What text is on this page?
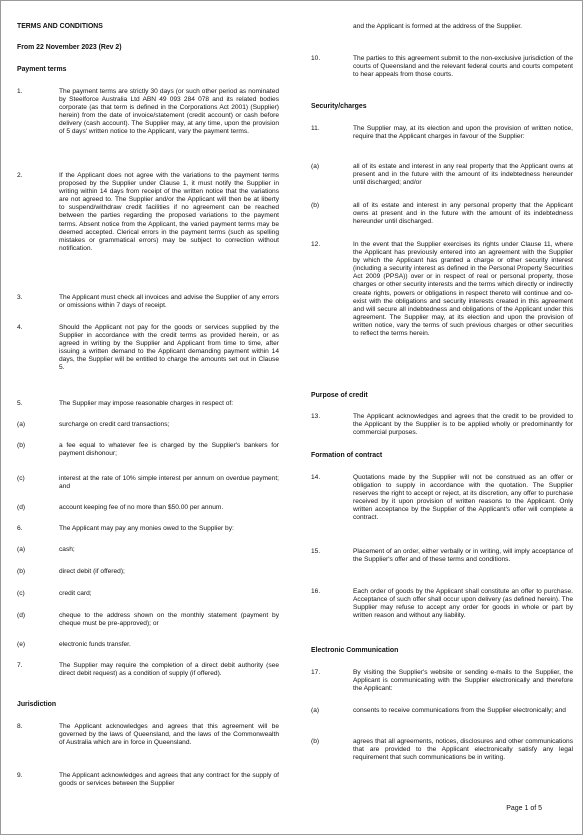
TERMS AND CONDITIONS
From 22 November 2023 (Rev 2)
Payment terms
1.	The payment terms are strictly 30 days (or such other period as nominated by Steelforce Australia Ltd ABN 49 093 284 078 and its related bodies corporate (as that term is defined in the Corporations Act 2001) (Supplier) herein) from the date of invoice/statement (credit account) or cash before delivery (cash account). The Supplier may, at any time, upon the provision of 5 days' written notice to the Applicant, vary the payment terms.
2.	If the Applicant does not agree with the variations to the payment terms proposed by the Supplier under Clause 1, it must notify the Supplier in writing within 14 days from receipt of the written notice that the variations are not agreed to. The Supplier and/or the Applicant will then be at liberty to suspend/withdraw credit facilities if no agreement can be reached between the parties regarding the proposed variations to the payment terms. Absent notice from the Applicant, the varied payment terms may be deemed accepted. Clerical errors in the payment terms (such as spelling mistakes or grammatical errors) may be subject to correction without notification.
3.	The Applicant must check all invoices and advise the Supplier of any errors or omissions within 7 days of receipt.
4.	Should the Applicant not pay for the goods or services supplied by the Supplier in accordance with the credit terms as provided herein, or as agreed in writing by the Supplier and Applicant from time to time, after issuing a written demand to the Applicant demanding payment within 14 days, the Supplier will be entitled to charge the amounts set out in Clause 5.
5.	The Supplier may impose reasonable charges in respect of:
(a)	surcharge on credit card transactions;
(b)	a fee equal to whatever fee is charged by the Supplier's bankers for payment dishonour;
(c)	interest at the rate of 10% simple interest per annum on overdue payment; and
(d)	account keeping fee of no more than $50.00 per annum.
6.	The Applicant may pay any monies owed to the Supplier by:
(a)	cash;
(b)	direct debit (if offered);
(c)	credit card;
(d)	cheque to the address shown on the monthly statement (payment by cheque must be pre-approved); or
(e)	electronic funds transfer.
7.	The Supplier may require the completion of a direct debit authority (see direct debit request) as a condition of supply (if offered).
Jurisdiction
8.	The Applicant acknowledges and agrees that this agreement will be governed by the laws of Queensland, and the laws of the Commonwealth of Australia which are in force in Queensland.
9.	The Applicant acknowledges and agrees that any contract for the supply of goods or services between the Supplier
and the Applicant is formed at the address of the Supplier.
10.	The parties to this agreement submit to the non-exclusive jurisdiction of the courts of Queensland and the relevant federal courts and courts competent to hear appeals from those courts.
Security/charges
11.	The Supplier may, at its election and upon the provision of written notice, require that the Applicant charges in favour of the Supplier:
(a)	all of its estate and interest in any real property that the Applicant owns at present and in the future with the amount of its indebtedness hereunder until discharged; and/or
(b)	all of its estate and interest in any personal property that the Applicant owns at present and in the future with the amount of its indebtedness hereunder until discharged.
12.	In the event that the Supplier exercises its rights under Clause 11, where the Applicant has previously entered into an agreement with the Supplier by which the Applicant has granted a charge or other security interest (including a security interest as defined in the Personal Property Securities Act 2009 (PPSA)) over or in respect of real or personal property, those charges or other security interests and the terms which directly or indirectly create rights, powers or obligations in respect thereto will continue and co-exist with the obligations and security interests created in this agreement and will secure all indebtedness and obligations of the Applicant under this agreement. The Supplier may, at its election and upon the provision of written notice, vary the terms of such previous charges or other securities to reflect the terms herein.
Purpose of credit
13.	The Applicant acknowledges and agrees that the credit to be provided to the Applicant by the Supplier is to be applied wholly or predominantly for commercial purposes.
Formation of contract
14.	Quotations made by the Supplier will not be construed as an offer or obligation to supply in accordance with the quotation. The Supplier reserves the right to accept or reject, at its discretion, any offer to purchase received by it upon provision of written reasons to the Applicant. Only written acceptance by the Supplier of the Applicant's offer will complete a contract.
15.	Placement of an order, either verbally or in writing, will imply acceptance of the Supplier's offer and of these terms and conditions.
16.	Each order of goods by the Applicant shall constitute an offer to purchase. Acceptance of such offer shall occur upon delivery (as defined herein). The Supplier may refuse to accept any order for goods in whole or part by written reason and without any liability.
Electronic Communication
17.	By visiting the Supplier's website or sending e-mails to the Supplier, the Applicant is communicating with the Supplier electronically and therefore the Applicant:
(a)	consents to receive communications from the Supplier electronically; and
(b)	agrees that all agreements, notices, disclosures and other communications that are provided to the Applicant electronically satisfy any legal requirement that such communications be in writing.
Page 1 of 5
